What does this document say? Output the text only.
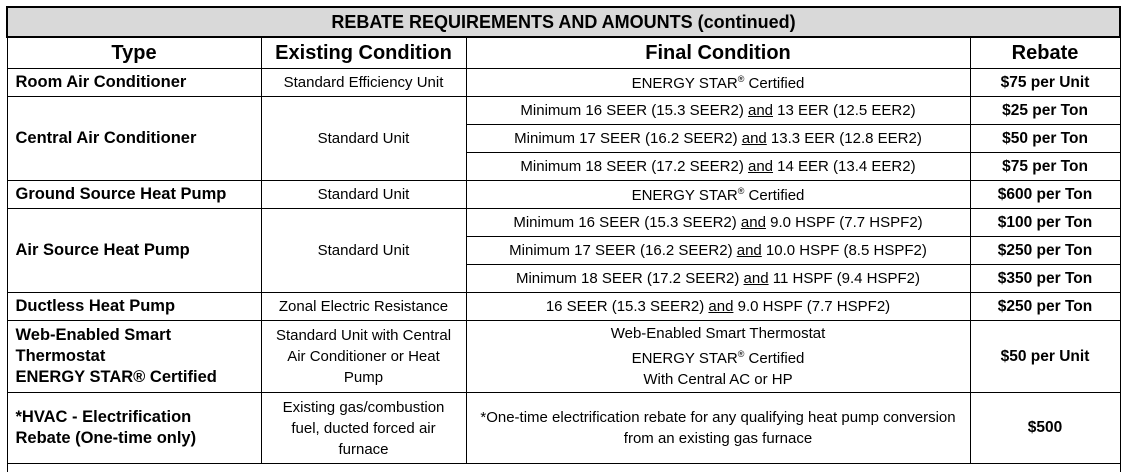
REBATE REQUIREMENTS AND AMOUNTS (continued)			
Type	Existing Condition	Final Condition	Rebate
Room Air Conditioner	Standard Efficiency Unit	ENERGY STAR® Certified	$75 per Unit
Central Air Conditioner	Standard Unit	Minimum 16 SEER (15.3 SEER2) and 13 EER (12.5 EER2)	$25 per Ton
		Minimum 17 SEER (16.2 SEER2) and 13.3 EER (12.8 EER2)	$50 per Ton
		Minimum 18 SEER (17.2 SEER2) and 14 EER (13.4 EER2)	$75 per Ton
Ground Source Heat Pump	Standard Unit	ENERGY STAR® Certified	$600 per Ton
Air Source Heat Pump	Standard Unit	Minimum 16 SEER (15.3 SEER2) and 9.0 HSPF (7.7 HSPF2)	$100 per Ton
		Minimum 17 SEER (16.2 SEER2) and 10.0 HSPF (8.5 HSPF2)	$250 per Ton
		Minimum 18 SEER (17.2 SEER2) and 11 HSPF (9.4 HSPF2)	$350 per Ton
Ductless Heat Pump	Zonal Electric Resistance	16 SEER (15.3 SEER2) and 9.0 HSPF (7.7 HSPF2)	$250 per Ton

Web-Enabled Smart
Thermostat
ENERGY STAR® Certified	Standard Unit with Central
Air Conditioner or Heat
Pump	Web-Enabled Smart Thermostat
ENERGY STAR® Certified
With Central AC or HP	$50 per Unit

*HVAC - Electrification
Rebate (One-time only)	Existing gas/combustion
fuel, ducted forced air
furnace	*One-time electrification rebate for any qualifying heat pump conversion
from an existing gas furnace	$500
